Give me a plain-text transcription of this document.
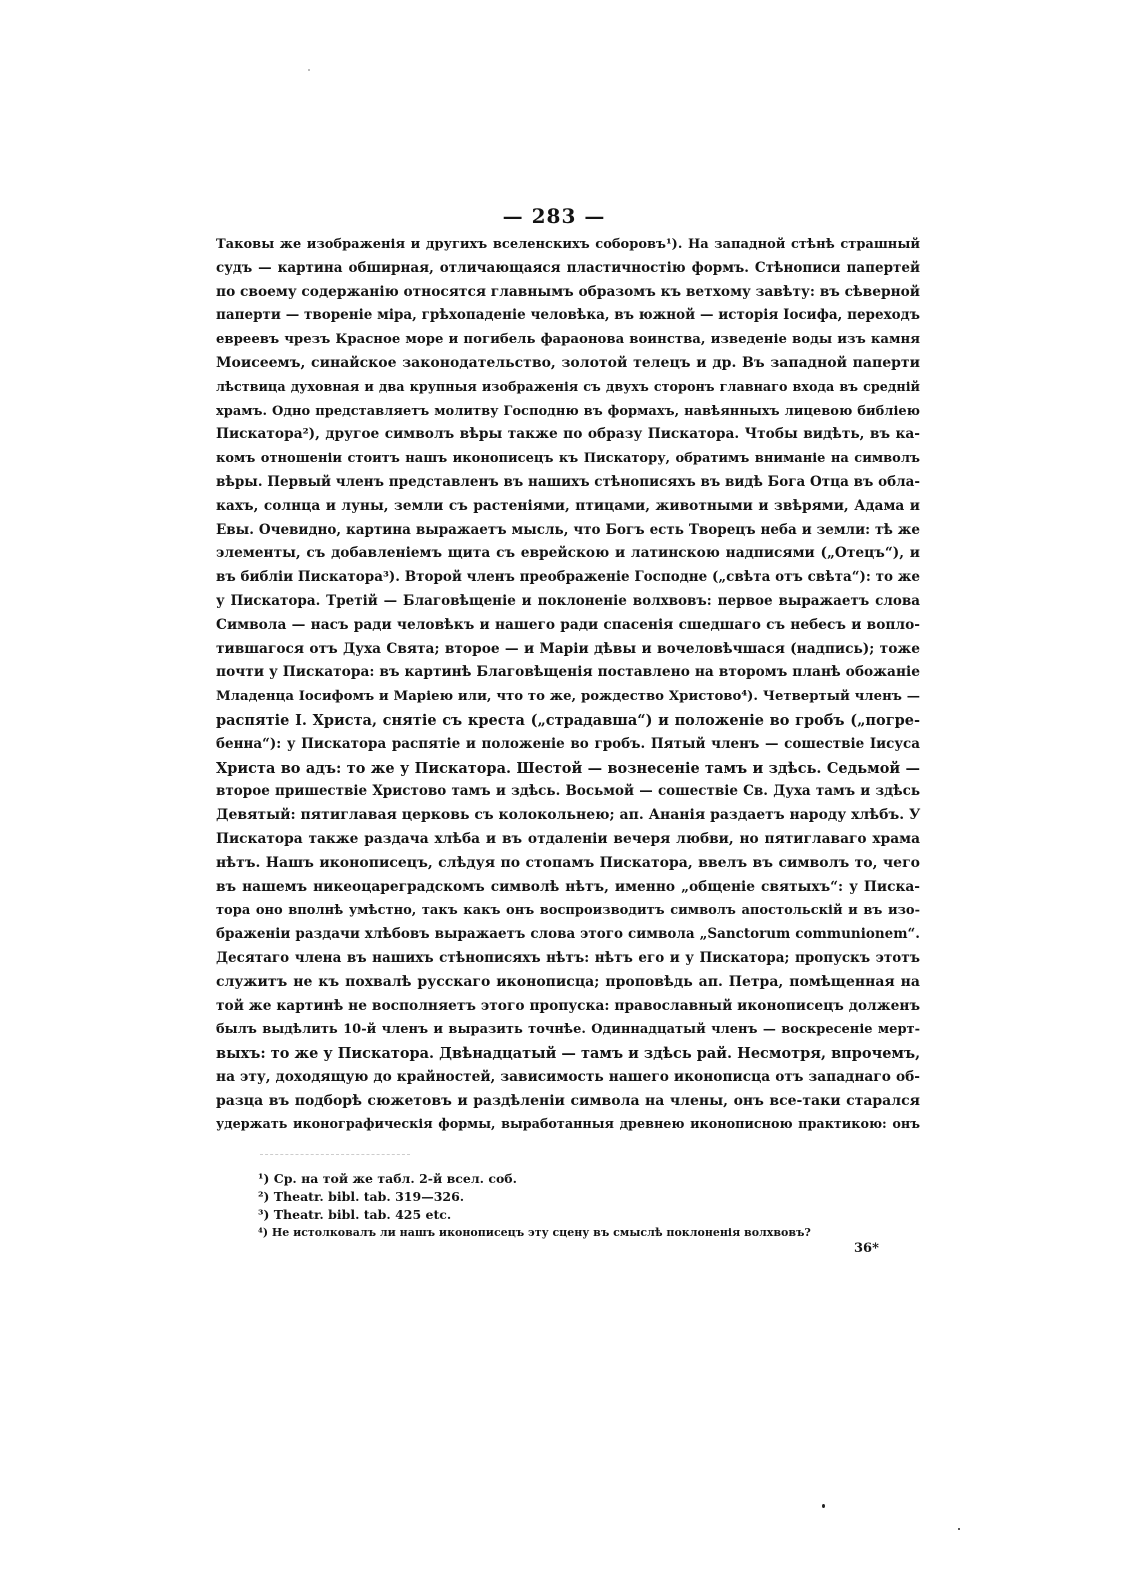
— 283 —
Таковы же изображенія и другихъ вселенскихъ соборовъ¹). На западной стѣнѣ страшный
судъ — картина обширная, отличающаяся пластичностію формъ. Стѣнописи папертей
по своему содержанію относятся главнымъ образомъ къ ветхому завѣту: въ сѣверной
паперти — твореніе міра, грѣхопаденіе человѣка, въ южной — исторія Іосифа, переходъ
евреевъ чрезъ Красное море и погибель фараонова воинства, изведеніе воды изъ камня
Моисеемъ, синайское законодательство, золотой телецъ и др. Въ западной паперти
лѣствица духовная и два крупныя изображенія съ двухъ сторонъ главнаго входа въ средній
храмъ. Одно представляетъ молитву Господню въ формахъ, навѣянныхъ лицевою библіею
Пискатора²), другое символъ вѣры также по образу Пискатора. Чтобы видѣть, въ ка-
комъ отношеніи стоитъ нашъ иконописецъ къ Пискатору, обратимъ вниманіе на символъ
вѣры. Первый членъ представленъ въ нашихъ стѣнописяхъ въ видѣ Бога Отца въ обла-
кахъ, солнца и луны, земли съ растеніями, птицами, животными и звѣрями, Адама и
Евы. Очевидно, картина выражаетъ мысль, что Богъ есть Творецъ неба и земли: тѣ же
элементы, съ добавленіемъ щита съ еврейскою и латинскою надписями („Отецъ“), и
въ библіи Пискатора³). Второй членъ преображеніе Господне („свѣта отъ свѣта“): то же
у Пискатора. Третій — Благовѣщеніе и поклоненіе волхвовъ: первое выражаетъ слова
Символа — насъ ради человѣкъ и нашего ради спасенія сшедшаго съ небесъ и вопло-
тившагося отъ Духа Свята; второе — и Маріи дѣвы и вочеловѣчшася (надпись); тоже
почти у Пискатора: въ картинѣ Благовѣщенія поставлено на второмъ планѣ обожаніе
Младенца Іосифомъ и Маріею или, что то же, рождество Христово⁴). Четвертый членъ —
распятіе І. Христа, снятіе съ креста („страдавша“) и положеніе во гробъ („погре-
бенна“): у Пискатора распятіе и положеніе во гробъ. Пятый членъ — сошествіе Іисуса
Христа во адъ: то же у Пискатора. Шестой — вознесеніе тамъ и здѣсь. Седьмой —
второе пришествіе Христово тамъ и здѣсь. Восьмой — сошествіе Св. Духа тамъ и здѣсь
Девятый: пятиглавая церковь съ колокольнею; ап. Ананія раздаетъ народу хлѣбъ. У
Пискатора также раздача хлѣба и въ отдаленіи вечеря любви, но пятиглаваго храма
нѣтъ. Нашъ иконописецъ, слѣдуя по стопамъ Пискатора, ввелъ въ символъ то, чего
въ нашемъ никеоцареградскомъ символѣ нѣтъ, именно „общеніе святыхъ“: у Писка-
тора оно вполнѣ умѣстно, такъ какъ онъ воспроизводитъ символъ апостольскій и въ изо-
браженіи раздачи хлѣбовъ выражаетъ слова этого символа „Sanctorum communionem“.
Десятаго члена въ нашихъ стѣнописяхъ нѣтъ: нѣтъ его и у Пискатора; пропускъ этотъ
служитъ не къ похвалѣ русскаго иконописца; проповѣдь ап. Петра, помѣщенная на
той же картинѣ не восполняетъ этого пропуска: православный иконописецъ долженъ
былъ выдѣлить 10-й членъ и выразить точнѣе. Одиннадцатый членъ — воскресеніе мерт-
выхъ: то же у Пискатора. Двѣнадцатый — тамъ и здѣсь рай. Несмотря, впрочемъ,
на эту, доходящую до крайностей, зависимость нашего иконописца отъ западнаго об-
разца въ подборѣ сюжетовъ и раздѣленіи символа на члены, онъ все-таки старался
удержать иконографическія формы, выработанныя древнею иконописною практикою: онъ
¹) Ср. на той же табл. 2-й всел. соб.
²) Theatr. bibl. tab. 319—326.
³) Theatr. bibl. tab. 425 etc.
⁴) Не истолковалъ ли нашъ иконописецъ эту сцену въ смыслѣ поклоненія волхвовъ?
36*
